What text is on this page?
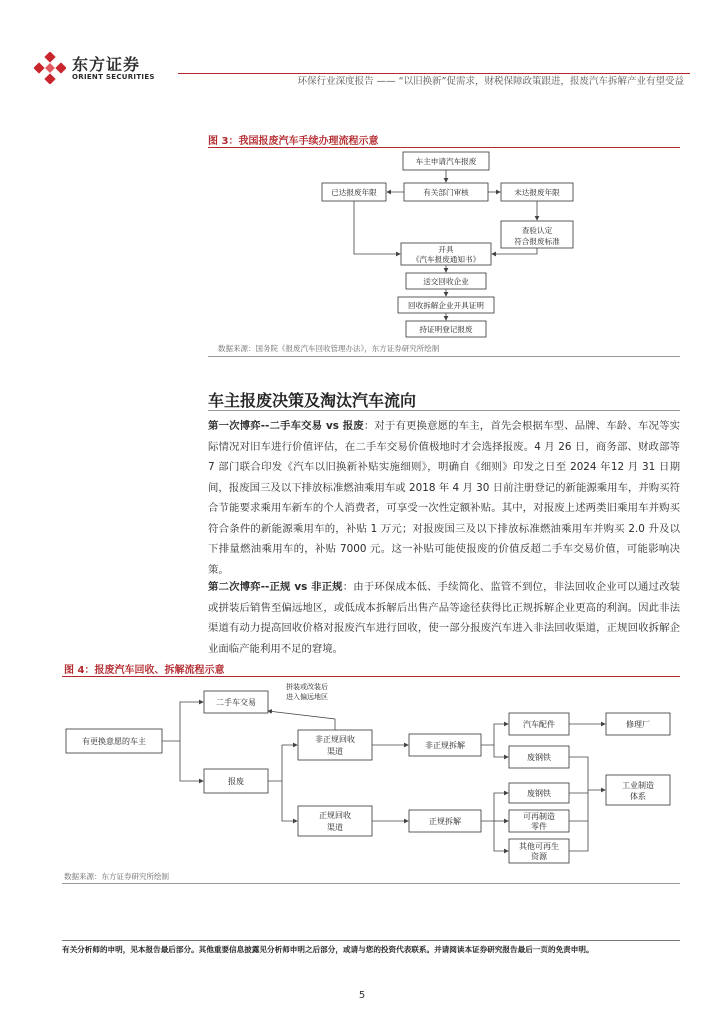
东方证券
ORIENT SECURITIES	环保行业深度报告 —— “以旧换新”促需求，财税保障政策跟进，报废汽车拆解产业有望受益
图 3：我国报废汽车手续办理流程示意
车主申请汽车报废
有关部门审核
已达报废年限	未达报废年限
查验认定
符合报废标准
开具
《汽车报废通知书》
送交回收企业
回收拆解企业开具证明
持证明登记报废
数据来源：国务院《报废汽车回收管理办法》，东方证券研究所绘制
车主报废决策及淘汰汽车流向
第一次博弈--二手车交易 vs 报废：对于有更换意愿的车主，首先会根据车型、品牌、车龄、车况等实际情况对旧车进行价值评估，在二手车交易价值极地时才会选择报废。4 月 26 日，商务部、财政部等 7 部门联合印发《汽车以旧换新补贴实施细则》，明确自《细则》印发之日至 2024 年12 月 31 日期间，报废国三及以下排放标准燃油乘用车或 2018 年 4 月 30 日前注册登记的新能源乘用车，并购买符合节能要求乘用车新车的个人消费者，可享受一次性定额补贴。其中，对报废上述两类旧乘用车并购买符合条件的新能源乘用车的，补贴 1 万元；对报废国三及以下排放标准燃油乘用车并购买 2.0 升及以下排量燃油乘用车的，补贴 7000 元。这一补贴可能使报废的价值反超二手车交易价值，可能影响决策。
第二次博弈--正规 vs 非正规：由于环保成本低、手续简化、监管不到位，非法回收企业可以通过改装或拼装后销售至偏远地区，或低成本拆解后出售产品等途径获得比正规拆解企业更高的利润。因此非法渠道有动力提高回收价格对报废汽车进行回收，使一部分报废汽车进入非法回收渠道，正规回收拆解企业面临产能利用不足的窘境。
图 4：报废汽车回收、拆解流程示意
有更换意愿的车主
二手车交易
报废
拼装或改装后
进入偏远地区
非正规回收
渠道
非正规拆解
汽车配件	修理厂
废钢铁
正规回收
渠道
正规拆解
废钢铁
可再制造
零件
其他可再生
资源
工业制造
体系
数据来源：东方证券研究所绘制
有关分析师的申明，见本报告最后部分。其他重要信息披露见分析师申明之后部分，或请与您的投资代表联系。并请阅读本证券研究报告最后一页的免责申明。
5
